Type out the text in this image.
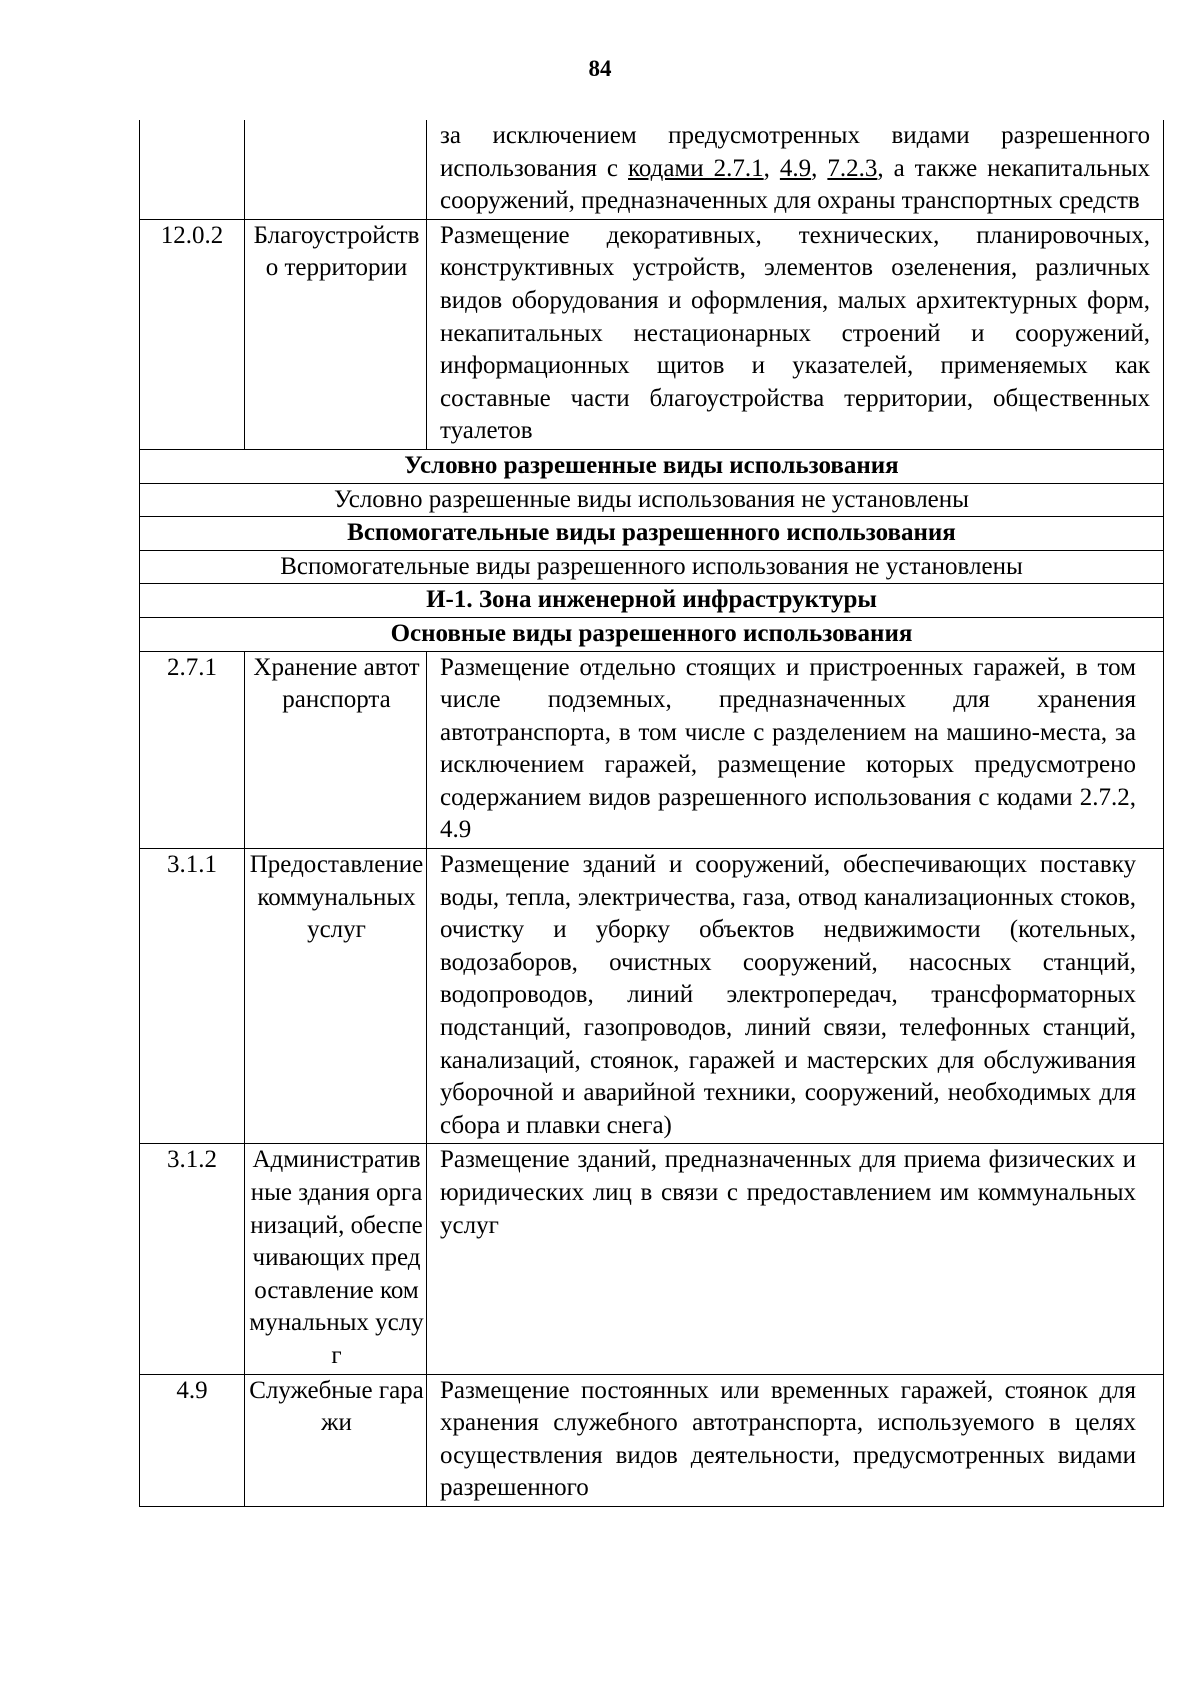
84
		за исключением предусмотренных видами разрешенного использования с кодами 2.7.1, 4.9, 7.2.3, а также некапитальных сооружений, предназначенных для охраны транспортных средств
12.0.2	Благоустройство территории	Размещение декоративных, технических, планировочных, конструктивных устройств, элементов озеленения, различных видов оборудования и оформления, малых архитектурных форм, некапитальных нестационарных строений и сооружений, информационных щитов и указателей, применяемых как составные части благоустройства территории, общественных туалетов
Условно разрешенные виды использования		
Условно разрешенные виды использования не установлены		
Вспомогательные виды разрешенного использования		
Вспомогательные виды разрешенного использования не установлены		
И-1. Зона инженерной инфраструктуры		
Основные виды разрешенного использования		
2.7.1	Хранение автотранспорта	Размещение отдельно стоящих и пристроенных гаражей, в том числе подземных, предназначенных для хранения автотранспорта, в том числе с разделением на машино-места, за исключением гаражей, размещение которых предусмотрено содержанием видов разрешенного использования с кодами 2.7.2, 4.9
3.1.1	Предоставление коммунальных услуг	Размещение зданий и сооружений, обеспечивающих поставку воды, тепла, электричества, газа, отвод канализационных стоков, очистку и уборку объектов недвижимости (котельных, водозаборов, очистных сооружений, насосных станций, водопроводов, линий электропередач, трансформаторных подстанций, газопроводов, линий связи, телефонных станций, канализаций, стоянок, гаражей и мастерских для обслуживания уборочной и аварийной техники, сооружений, необходимых для сбора и плавки снега)
3.1.2	Административные здания организаций, обеспечивающих предоставление коммунальных услуг	Размещение зданий, предназначенных для приема физических и юридических лиц в связи с предоставлением им коммунальных услуг
4.9	Служебные гаражи	Размещение постоянных или временных гаражей, стоянок для хранения служебного автотранспорта, используемого в целях осуществления видов деятельности, предусмотренных видами разрешенного
